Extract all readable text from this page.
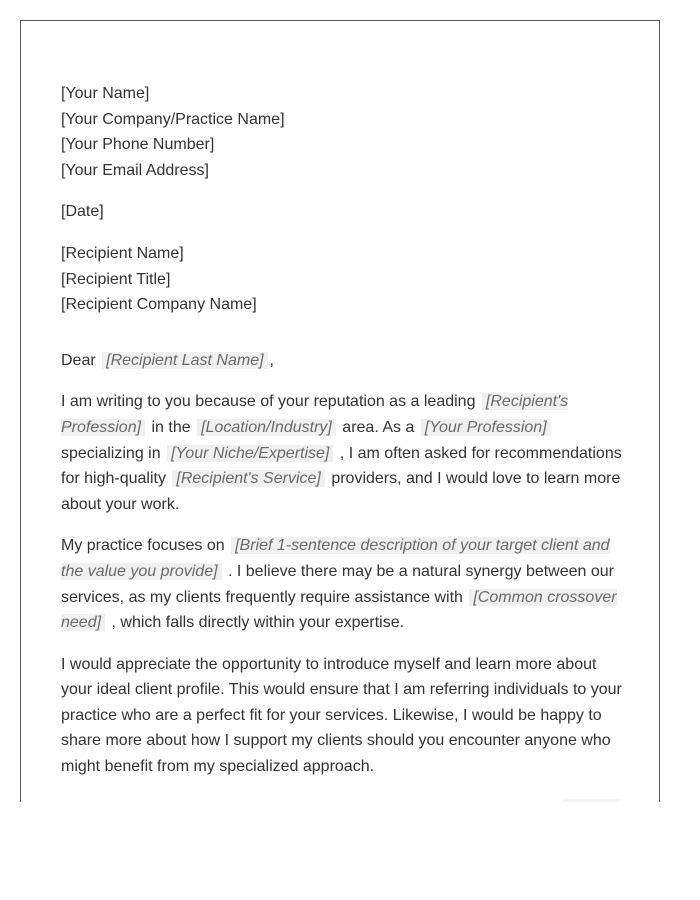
[Your Name]
[Your Company/Practice Name]
[Your Phone Number]
[Your Email Address]
[Date]
[Recipient Name]
[Recipient Title]
[Recipient Company Name]
Dear [Recipient Last Name] ,

I am writing to you because of your reputation as a leading [Recipient's Profession] in the [Location/Industry] area. As a [Your Profession] specializing in [Your Niche/Expertise] , I am often asked for recommendations for high-quality [Recipient's Service] providers, and I would love to learn more about your work.

My practice focuses on [Brief 1-sentence description of your target client and the value you provide] . I believe there may be a natural synergy between our services, as my clients frequently require assistance with [Common crossover need] , which falls directly within your expertise.

I would appreciate the opportunity to introduce myself and learn more about your ideal client profile. This would ensure that I am referring individuals to your practice who are a perfect fit for your services. Likewise, I would be happy to share more about how I support my clients should you encounter anyone who might benefit from my specialized approach.
